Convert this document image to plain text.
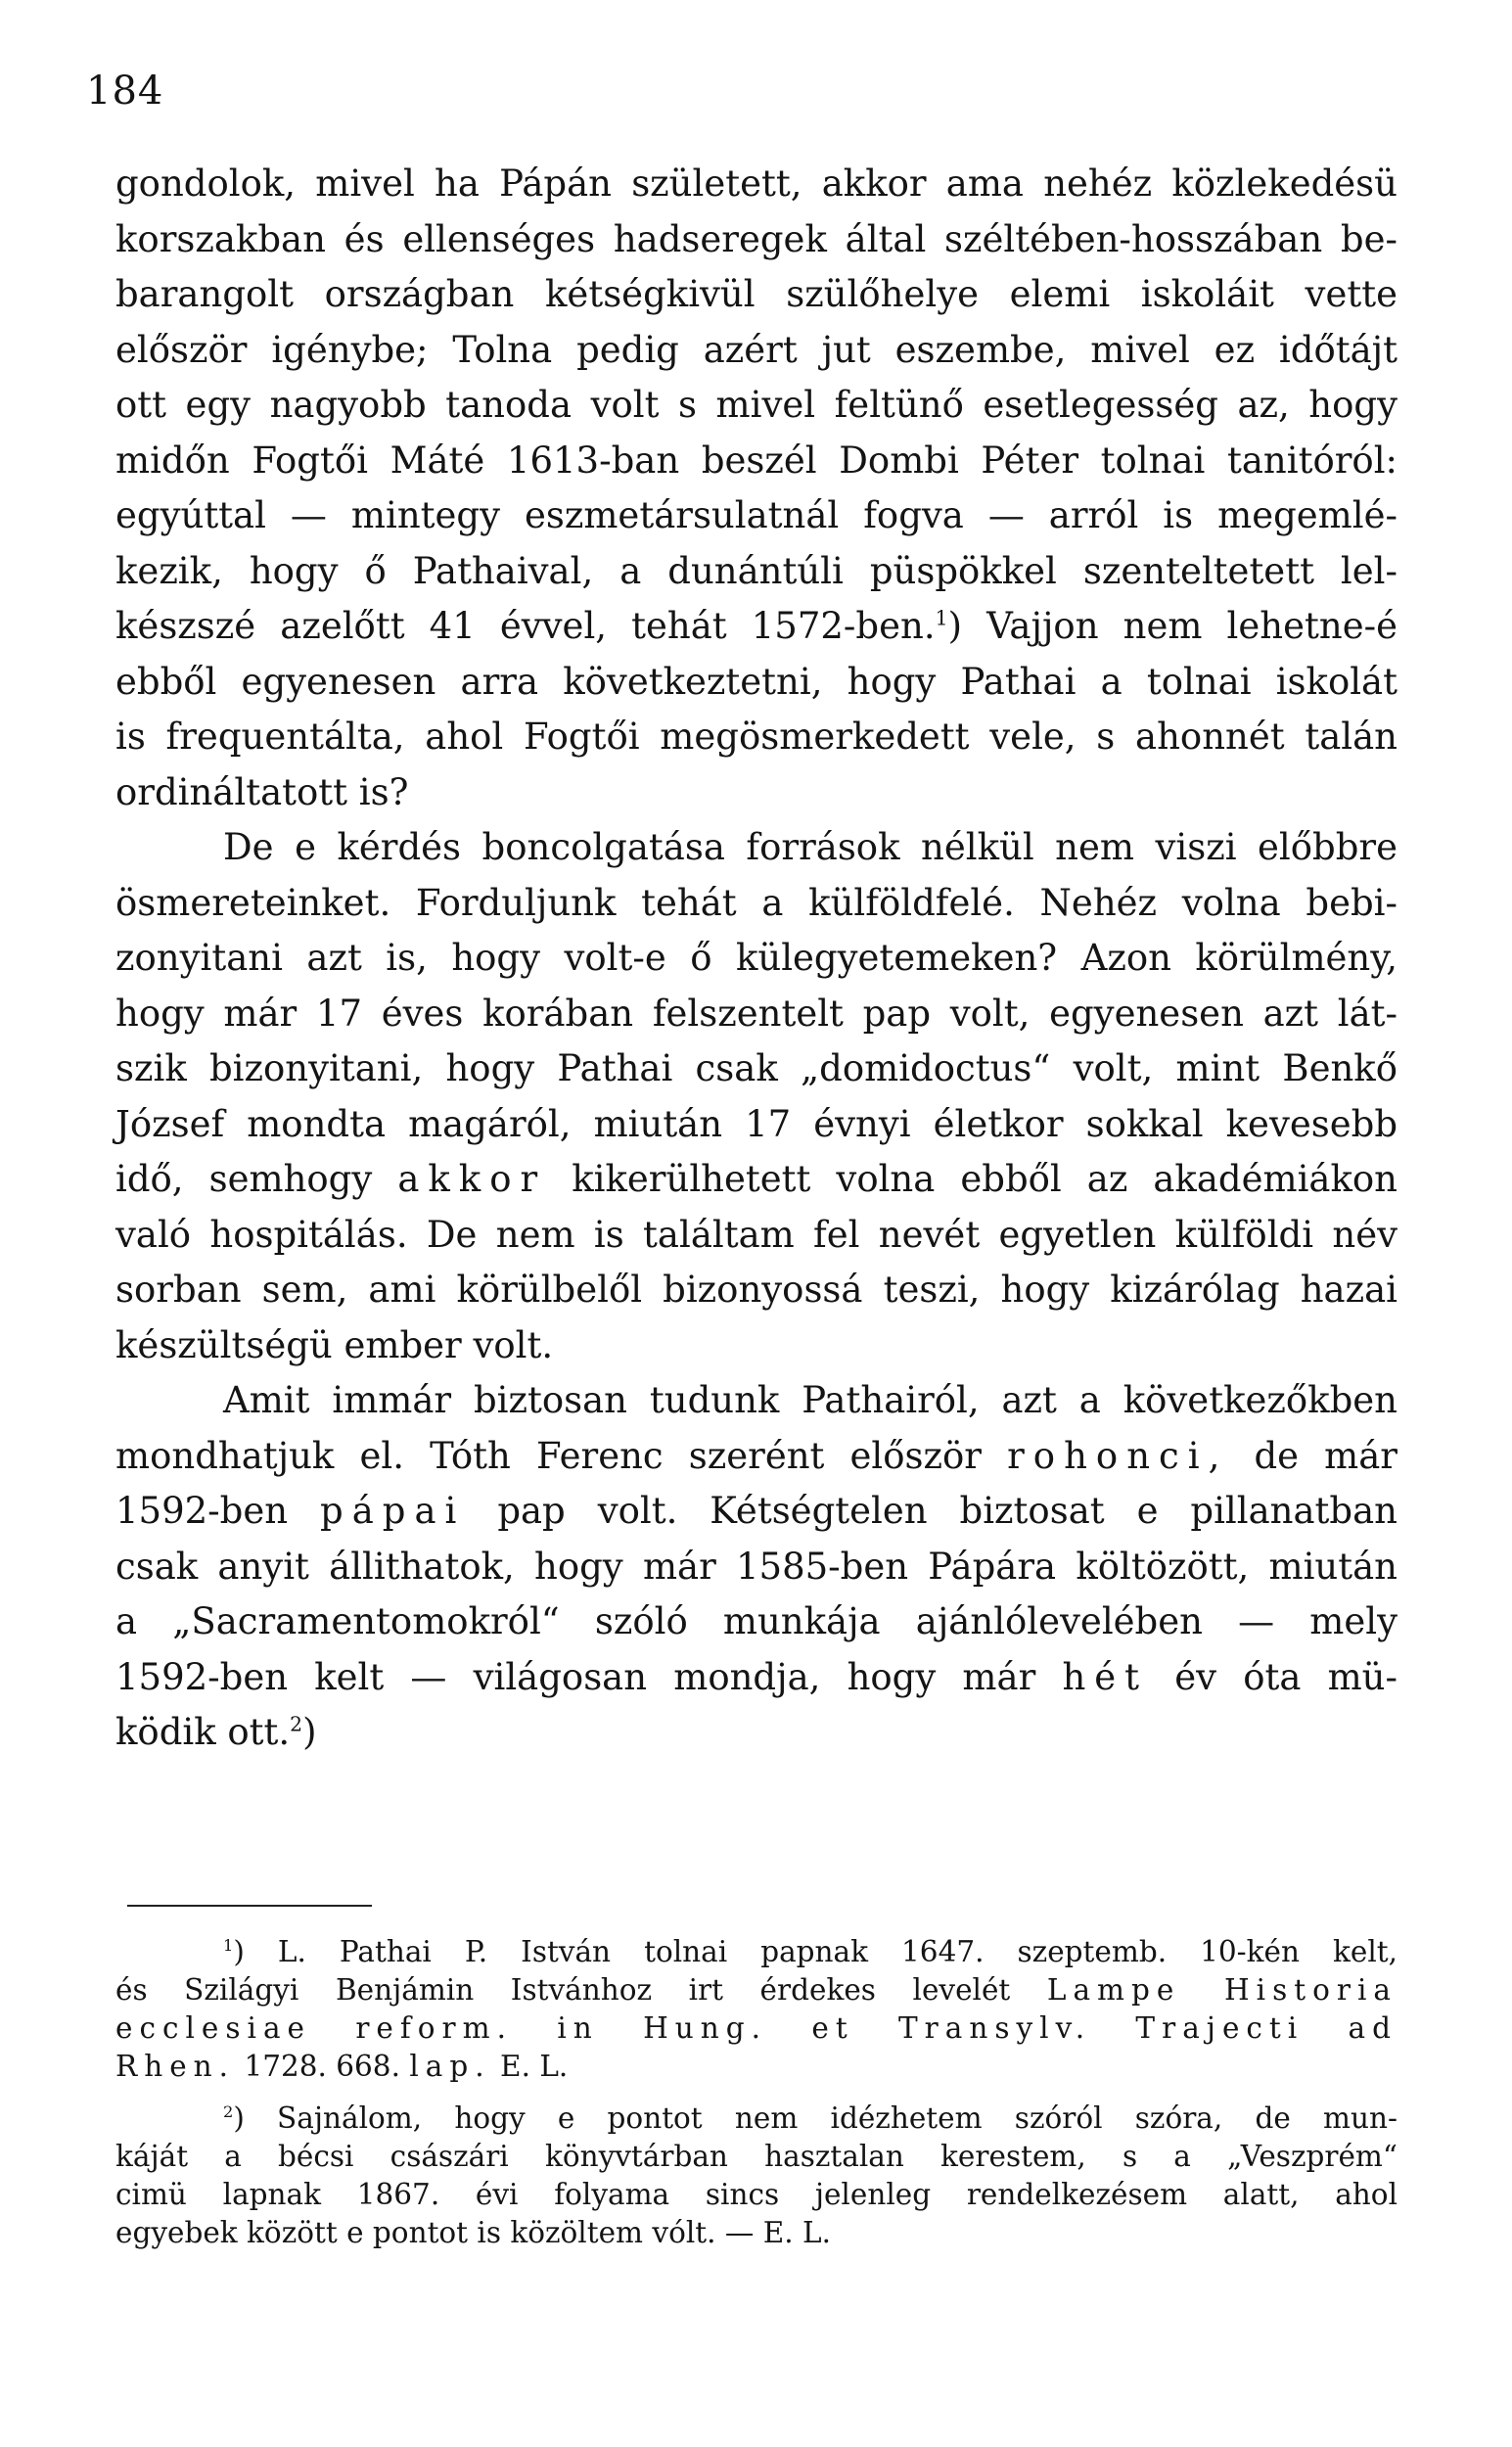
184
gondolok, mivel ha Pápán született, akkor ama nehéz közlekedésü
korszakban és ellenséges hadseregek által széltében-hosszában be-
barangolt országban kétségkivül szülőhelye elemi iskoláit vette
először igénybe; Tolna pedig azért jut eszembe, mivel ez időtájt
ott egy nagyobb tanoda volt s mivel feltünő esetlegesség az, hogy
midőn Fogtői Máté 1613-ban beszél Dombi Péter tolnai tanitóról:
egyúttal — mintegy eszmetársulatnál fogva — arról is megemlé-
kezik, hogy ő Pathaival, a dunántúli püspökkel szenteltetett lel-
készszé azelőtt 41 évvel, tehát 1572-ben.$^1$) Vajjon nem lehetne-é
ebből egyenesen arra következtetni, hogy Pathai a tolnai iskolát
is frequentálta, ahol Fogtői megösmerkedett vele, s ahonnét talán
ordináltatott is?
De e kérdés boncolgatása források nélkül nem viszi előbbre
ösmereteinket. Forduljunk tehát a külföldfelé. Nehéz volna bebi-
zonyitani azt is, hogy volt-e ő külegyetemeken? Azon körülmény,
hogy már 17 éves korában felszentelt pap volt, egyenesen azt lát-
szik bizonyitani, hogy Pathai csak „domidoctus“ volt, mint Benkő
József mondta magáról, miután 17 évnyi életkor sokkal kevesebb
idő, semhogy akkor kikerülhetett volna ebből az akadémiákon
való hospitálás. De nem is találtam fel nevét egyetlen külföldi név
sorban sem, ami körülbelől bizonyossá teszi, hogy kizárólag hazai
készültségü ember volt.
Amit immár biztosan tudunk Pathairól, azt a következőkben
mondhatjuk el. Tóth Ferenc szerént először rohonci, de már
1592-ben pápai pap volt. Kétségtelen biztosat e pillanatban
csak anyit állithatok, hogy már 1585-ben Pápára költözött, miután
a „Sacramentomokról“ szóló munkája ajánlólevelében — mely
1592-ben kelt — világosan mondja, hogy már hét év óta mü-
ködik ott.$^2$)
$^1$) L. Pathai P. István tolnai papnak 1647. szeptemb. 10-kén kelt,
és Szilágyi Benjámin Istvánhoz irt érdekes levelét Lampe Historia
ecclesiae reform. in Hung. et Transylv. Trajecti ad
Rhen. 1728. 668. lap. E. L.
$^2$) Sajnálom, hogy e pontot nem idézhetem szóról szóra, de mun-
káját a bécsi császári könyvtárban hasztalan kerestem, s a „Veszprém“
cimü lapnak 1867. évi folyama sincs jelenleg rendelkezésem alatt, ahol
egyebek között e pontot is közöltem vólt. — E. L.
